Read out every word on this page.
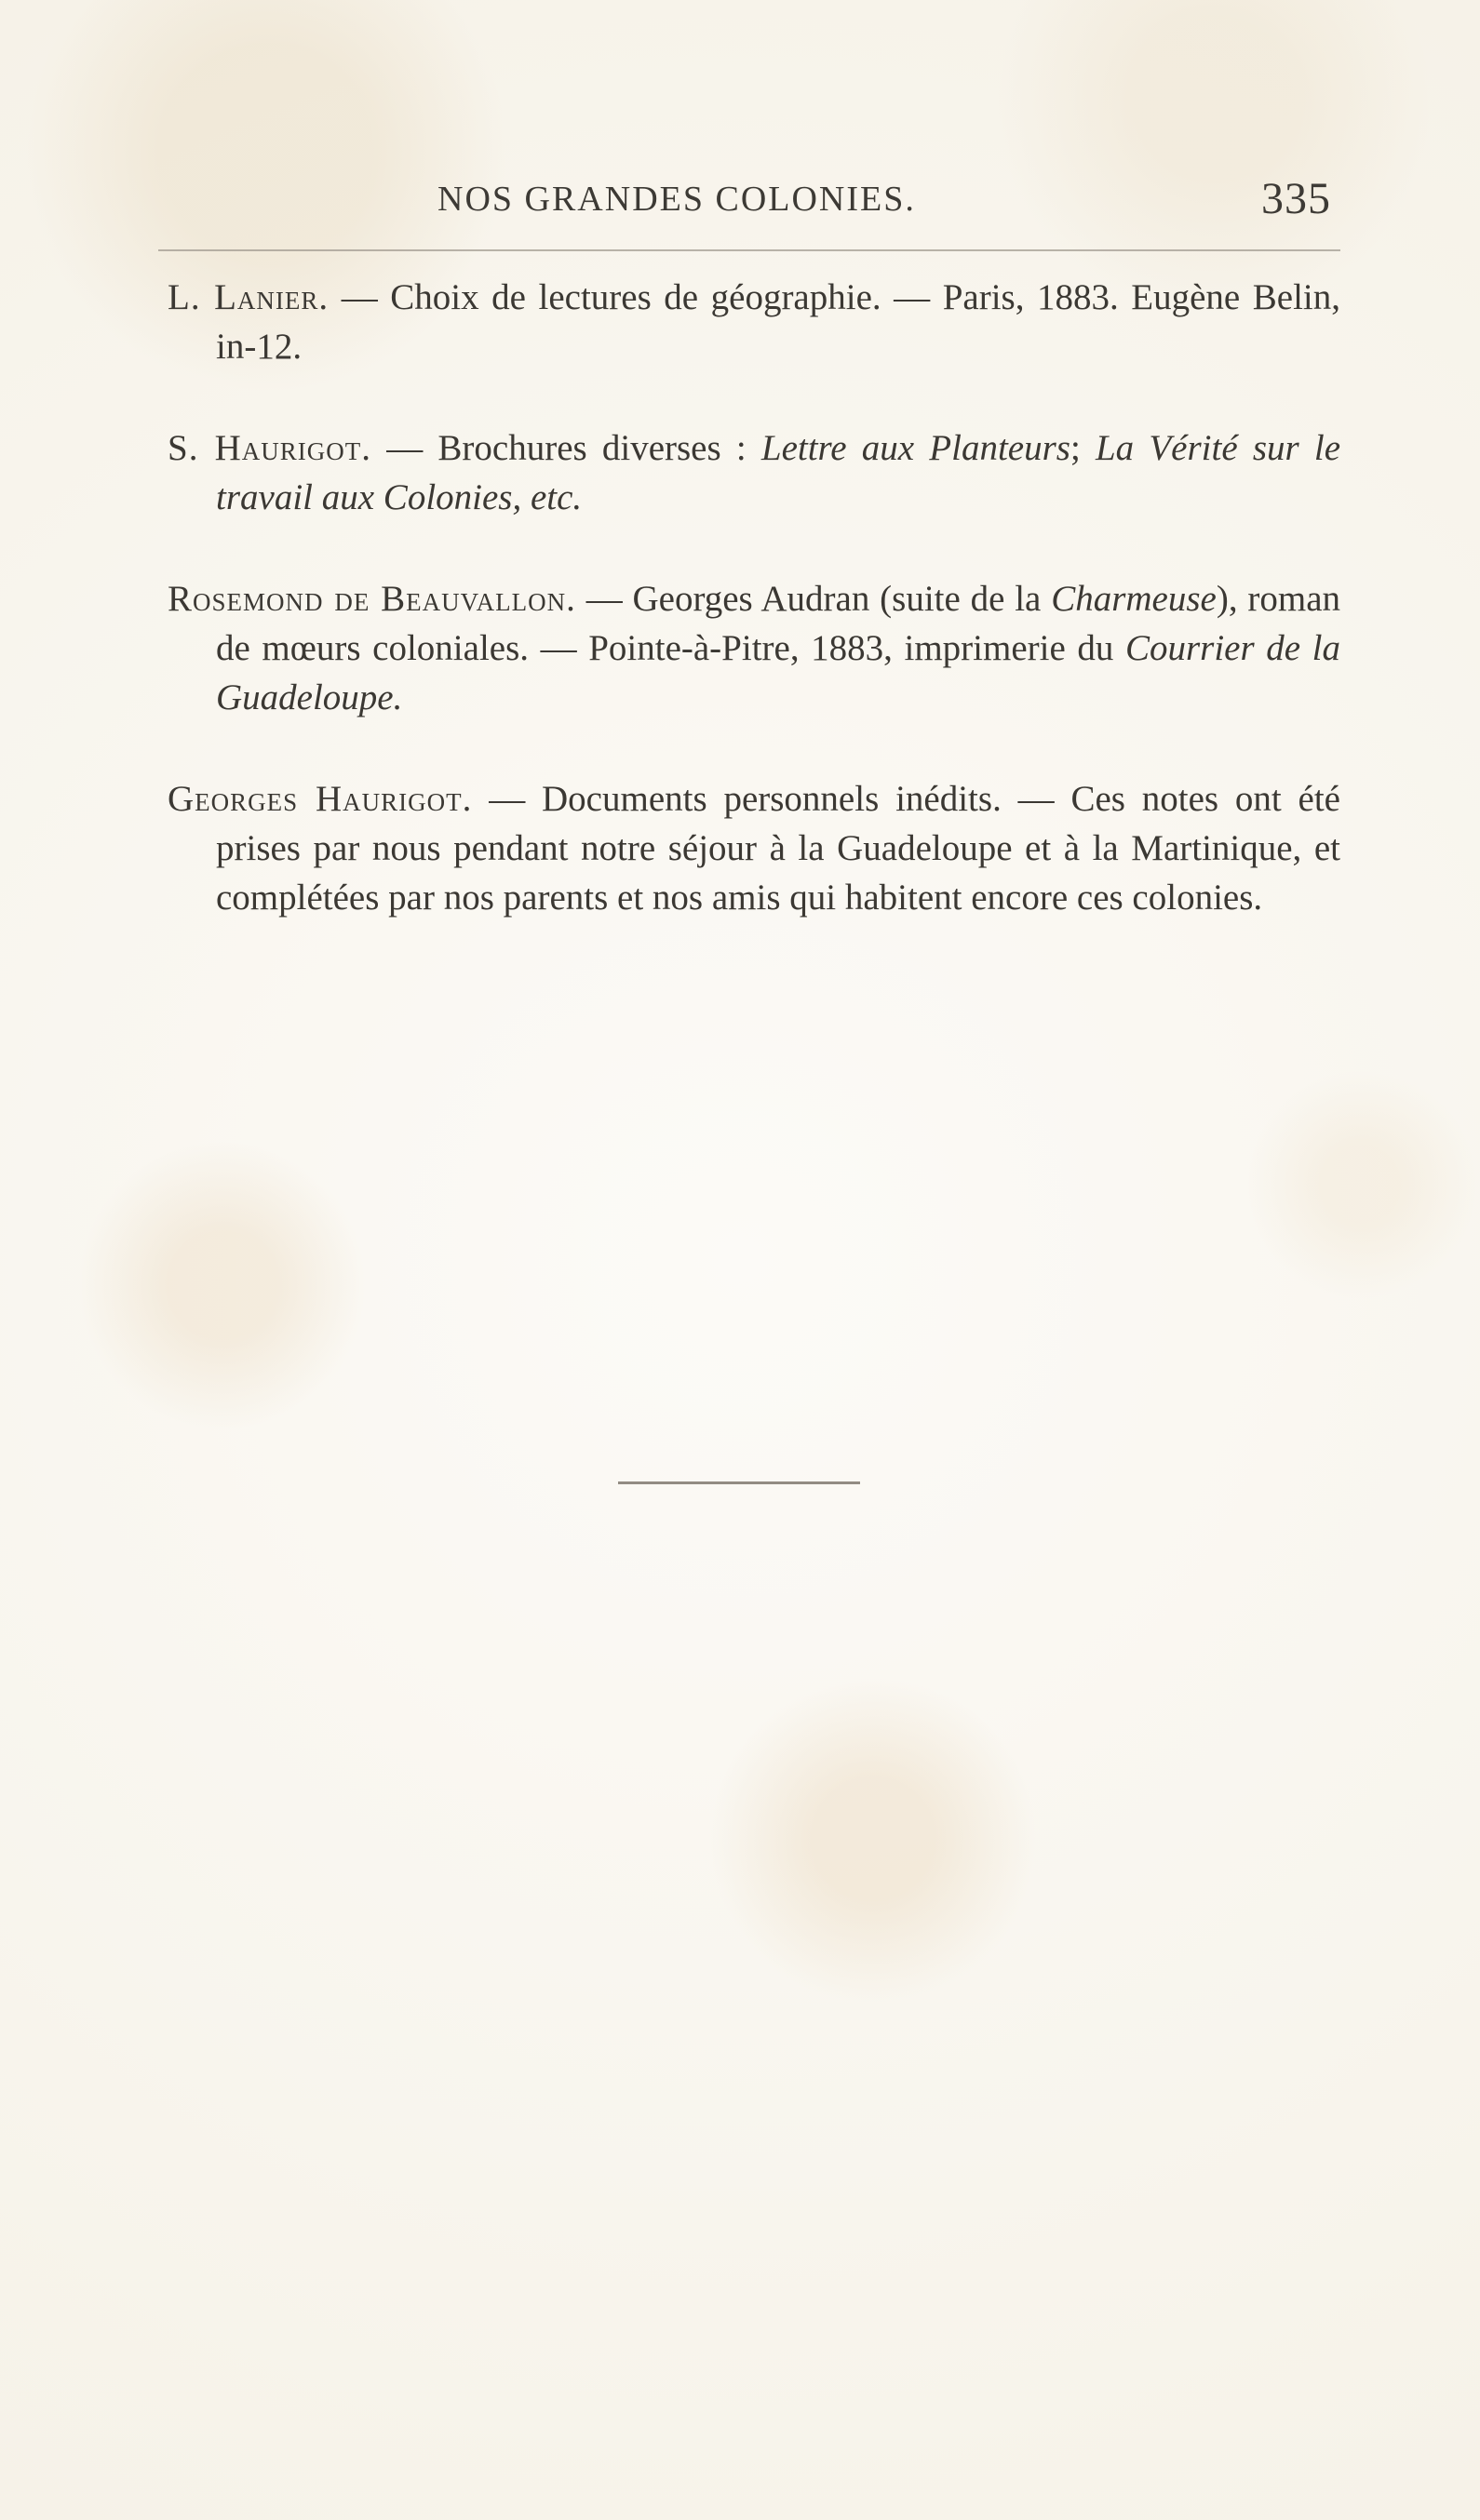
NOS GRANDES COLONIES.	335

L. Lanier. — Choix de lectures de géographie. — Paris, 1883. Eugène Belin, in-12.

S. Haurigot. — Brochures diverses : Lettre aux Planteurs; La Vérité sur le travail aux Colonies, etc.

Rosemond de Beauvallon. — Georges Audran (suite de la Charmeuse), roman de mœurs coloniales. — Pointe-à-Pitre, 1883, imprimerie du Courrier de la Guadeloupe.

Georges Haurigot. — Documents personnels inédits. — Ces notes ont été prises par nous pendant notre séjour à la Guadeloupe et à la Martinique, et complétées par nos parents et nos amis qui habitent encore ces colonies.
